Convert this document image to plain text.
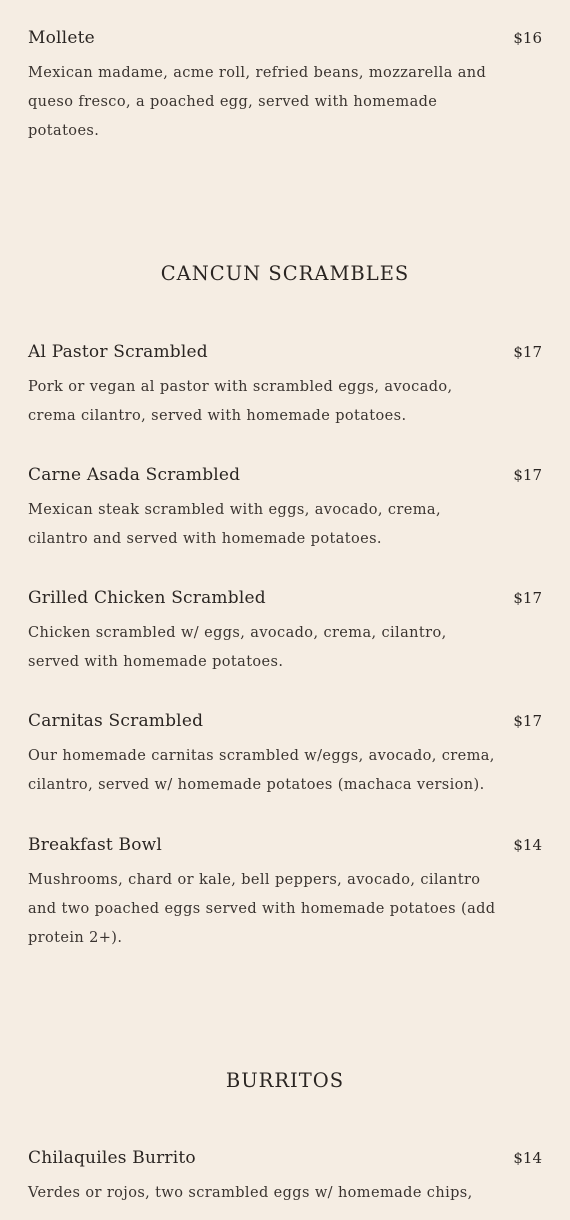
Mollete	$16

Mexican madame, acme roll, refried beans, mozzarella and queso fresco, a poached egg, served with homemade potatoes.

CANCUN SCRAMBLES
Al Pastor Scrambled	$17

Pork or vegan al pastor with scrambled eggs, avocado, crema cilantro, served with homemade potatoes.

Carne Asada Scrambled	$17

Mexican steak scrambled with eggs, avocado, crema, cilantro and served with homemade potatoes.

Grilled Chicken Scrambled	$17

Chicken scrambled w/ eggs, avocado, crema, cilantro, served with homemade potatoes.

Carnitas Scrambled	$17

Our homemade carnitas scrambled w/eggs, avocado, crema, cilantro, served w/ homemade potatoes (machaca version).

Breakfast Bowl	$14

Mushrooms, chard or kale, bell peppers, avocado, cilantro and two poached eggs served with homemade potatoes (add protein 2+).

BURRITOS
Chilaquiles Burrito	$14

Verdes or rojos, two scrambled eggs w/ homemade chips,
